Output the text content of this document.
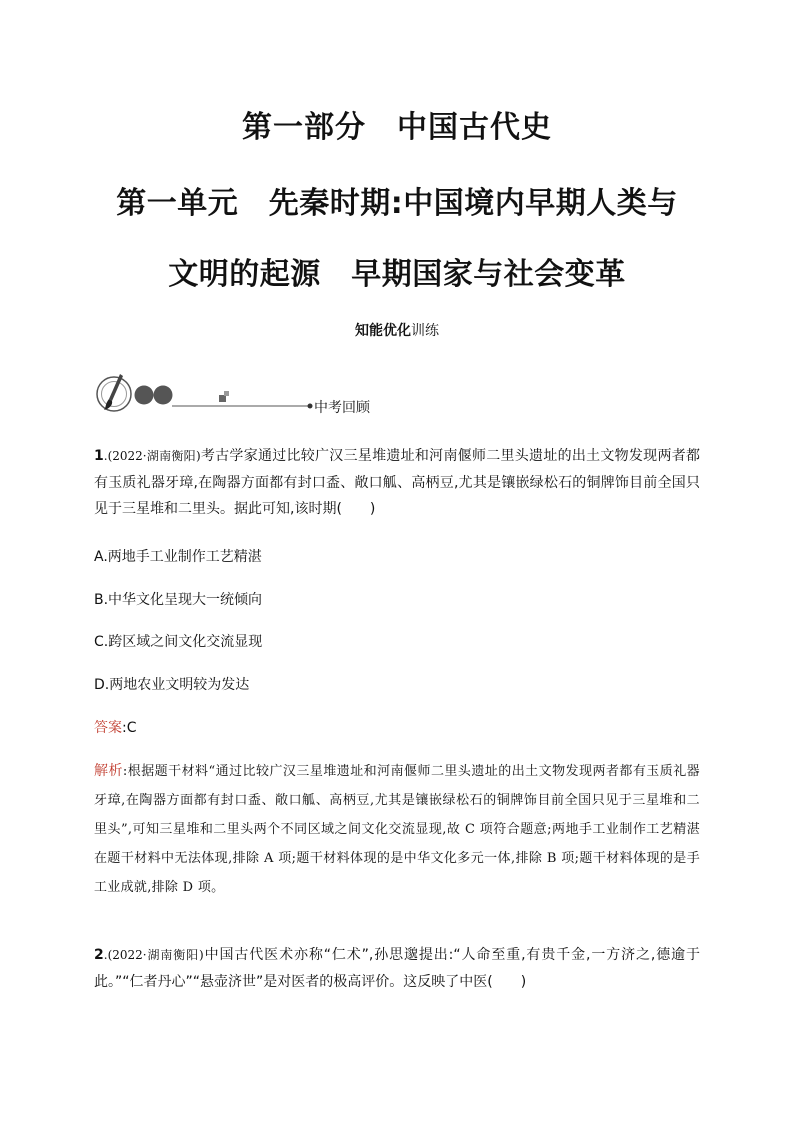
第一部分　中国古代史
第一单元　先秦时期:中国境内早期人类与
文明的起源　早期国家与社会变革
知能优化训练
中考回顾
1.(2022·湖南衡阳)考古学家通过比较广汉三星堆遗址和河南偃师二里头遗址的出土文物发现两者都有玉质礼器牙璋,在陶器方面都有封口盉、敞口觚、高柄豆,尤其是镶嵌绿松石的铜牌饰目前全国只见于三星堆和二里头。据此可知,该时期(　　)
A.两地手工业制作工艺精湛
B.中华文化呈现大一统倾向
C.跨区域之间文化交流显现
D.两地农业文明较为发达
答案:C
解析:根据题干材料“通过比较广汉三星堆遗址和河南偃师二里头遗址的出土文物发现两者都有玉质礼器牙璋,在陶器方面都有封口盉、敞口觚、高柄豆,尤其是镶嵌绿松石的铜牌饰目前全国只见于三星堆和二里头”,可知三星堆和二里头两个不同区域之间文化交流显现,故 C 项符合题意;两地手工业制作工艺精湛在题干材料中无法体现,排除 A 项;题干材料体现的是中华文化多元一体,排除 B 项;题干材料体现的是手工业成就,排除 D 项。
2.(2022·湖南衡阳)中国古代医术亦称“仁术”,孙思邈提出:“人命至重,有贵千金,一方济之,德逾于此。”“仁者丹心”“悬壶济世”是对医者的极高评价。这反映了中医(　　)
